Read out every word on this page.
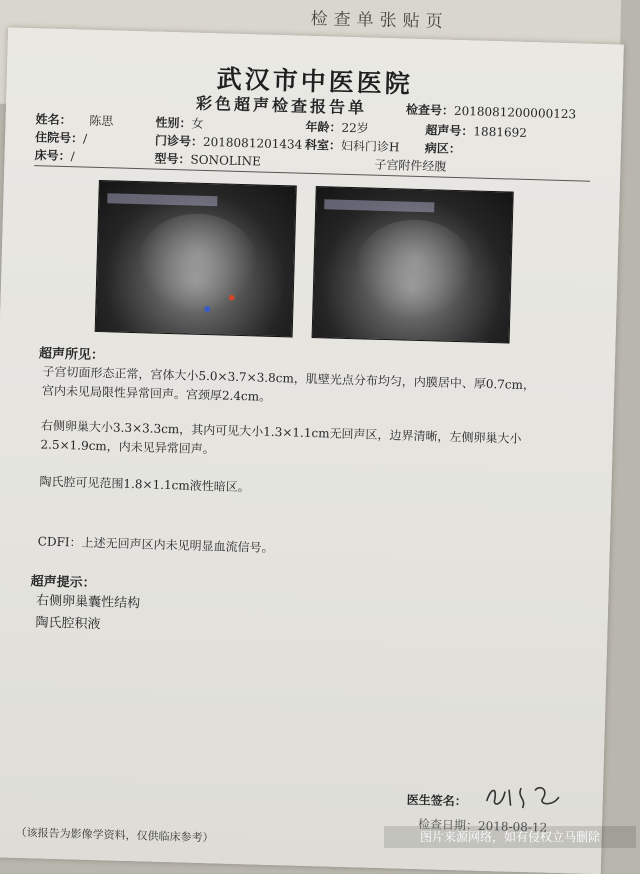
检查单张贴页
武汉市中医医院
彩色超声检查报告单	检查号：2018081200000123
姓名： 陈思	性别：女	年龄：22岁	超声号：1881692
住院号：/	门诊号：2018081201434 科室：妇科门诊H 病区：
床号：/	型号：SONOLINE	子宫附件经腹
超声所见：
子宫切面形态正常，宫体大小5.0×3.7×3.8cm，肌壁光点分布均匀，内膜居中、厚0.7cm，宫内未见局限性异常回声。宫颈厚2.4cm。
右侧卵巢大小3.3×3.3cm，其内可见大小1.3×1.1cm无回声区，边界清晰，左侧卵巢大小2.5×1.9cm，内未见异常回声。
陶氏腔可见范围1.8×1.1cm液性暗区。
CDFI：上述无回声区内未见明显血流信号。
超声提示：
右侧卵巢囊性结构
陶氏腔积液
医生签名：
检查日期：2018-08-12
（该报告为影像学资料，仅供临床参考）	图片来源网络，如有侵权立马删除
